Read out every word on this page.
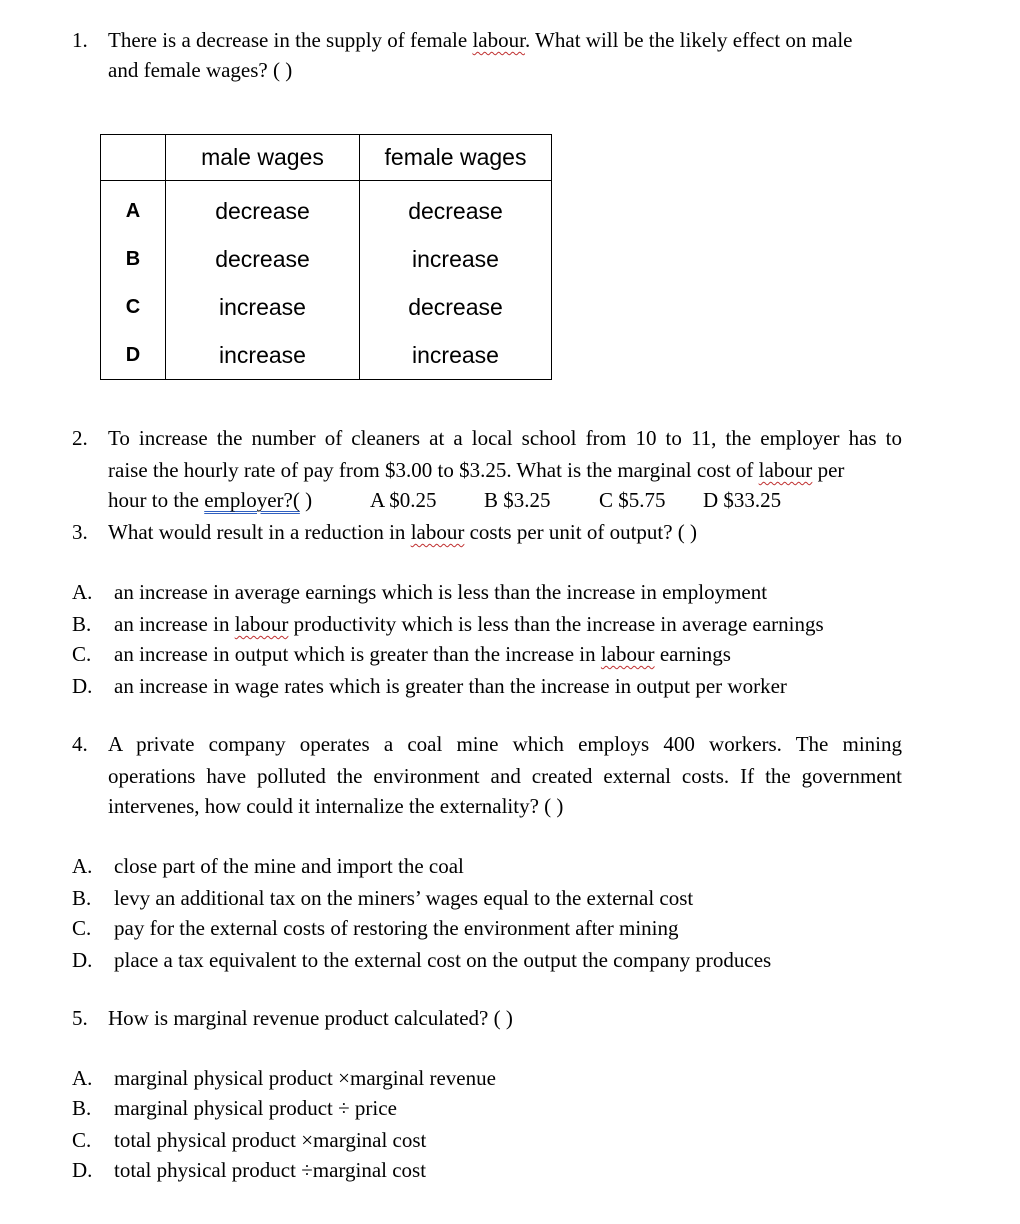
1. There is a decrease in the supply of female labour. What will be the likely effect on male
and female wages? ( )
	male wages	female wages
A	decrease	decrease
B	decrease	increase
C	increase	decrease
D	increase	increase
2. To increase the number of cleaners at a local school from 10 to 11, the employer has to
raise the hourly rate of pay from $3.00 to $3.25. What is the marginal cost of labour per
hour to the employer?( )	A $0.25 B $3.25 C $5.75 D $33.25
3. What would result in a reduction in labour costs per unit of output? ( )
A. an increase in average earnings which is less than the increase in employment
B. an increase in labour productivity which is less than the increase in average earnings
C. an increase in output which is greater than the increase in labour earnings
D. an increase in wage rates which is greater than the increase in output per worker
4. A private company operates a coal mine which employs 400 workers. The mining
operations have polluted the environment and created external costs. If the government
intervenes, how could it internalize the externality? ( )
A. close part of the mine and import the coal
B. levy an additional tax on the miners’ wages equal to the external cost
C. pay for the external costs of restoring the environment after mining
D. place a tax equivalent to the external cost on the output the company produces
5. How is marginal revenue product calculated? ( )
A. marginal physical product ×marginal revenue
B. marginal physical product ÷ price
C. total physical product ×marginal cost
D. total physical product ÷marginal cost
